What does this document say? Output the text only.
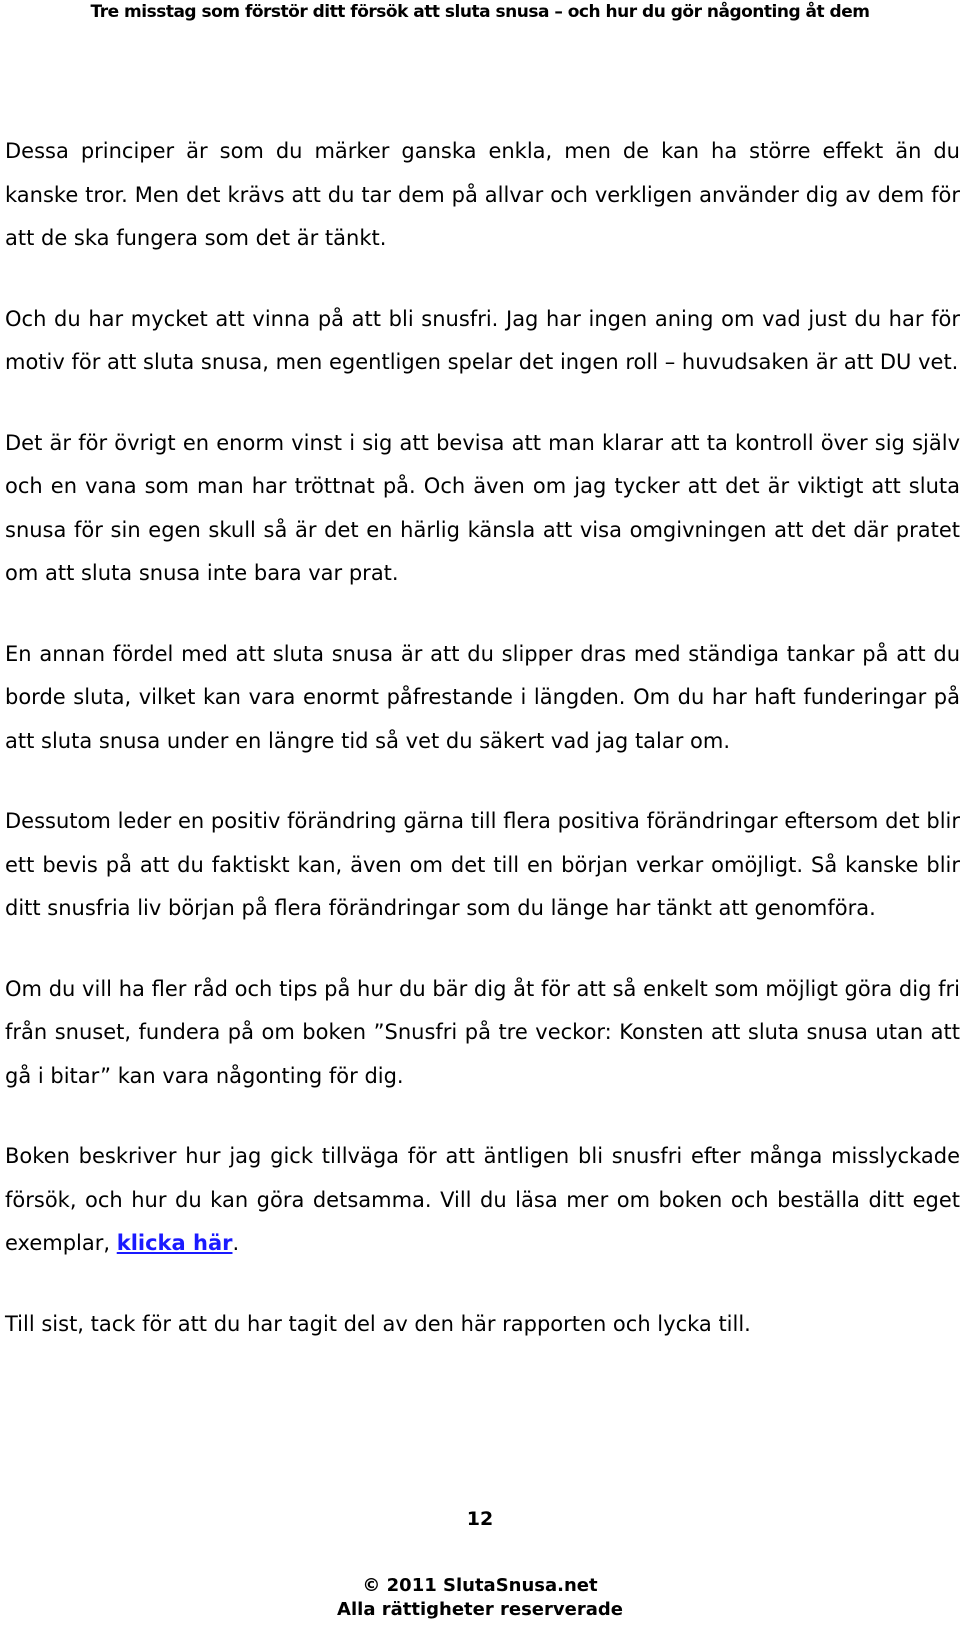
Tre misstag som förstör ditt försök att sluta snusa – och hur du gör någonting åt dem

Dessa principer är som du märker ganska enkla, men de kan ha större effekt än du kanske tror. Men det krävs att du tar dem på allvar och verkligen använder dig av dem för att de ska fungera som det är tänkt.

Och du har mycket att vinna på att bli snusfri. Jag har ingen aning om vad just du har för motiv för att sluta snusa, men egentligen spelar det ingen roll – huvudsaken är att DU vet.

Det är för övrigt en enorm vinst i sig att bevisa att man klarar att ta kontroll över sig själv och en vana som man har tröttnat på. Och även om jag tycker att det är viktigt att sluta snusa för sin egen skull så är det en härlig känsla att visa omgivningen att det där pratet om att sluta snusa inte bara var prat.

En annan fördel med att sluta snusa är att du slipper dras med ständiga tankar på att du borde sluta, vilket kan vara enormt påfrestande i längden. Om du har haft funderingar på att sluta snusa under en längre tid så vet du säkert vad jag talar om.

Dessutom leder en positiv förändring gärna till flera positiva förändringar eftersom det blir ett bevis på att du faktiskt kan, även om det till en början verkar omöjligt. Så kanske blir ditt snusfria liv början på flera förändringar som du länge har tänkt att genomföra.

Om du vill ha fler råd och tips på hur du bär dig åt för att så enkelt som möjligt göra dig fri från snuset, fundera på om boken ”Snusfri på tre veckor: Konsten att sluta snusa utan att gå i bitar” kan vara någonting för dig.

Boken beskriver hur jag gick tillväga för att äntligen bli snusfri efter många misslyckade försök, och hur du kan göra detsamma. Vill du läsa mer om boken och beställa ditt eget exemplar, klicka här.

Till sist, tack för att du har tagit del av den här rapporten och lycka till.

12
© 2011 SlutaSnusa.net
Alla rättigheter reserverade
